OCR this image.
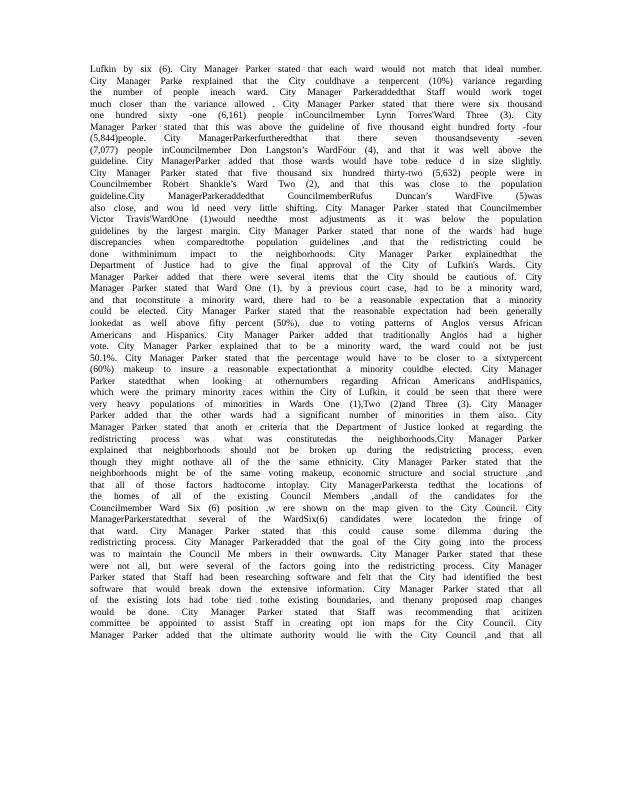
Lufkin by six (6). City Manager Parker stated that each ward would not match that ideal number.
City Manager Parke rexplained that the City couldhave a tenpercent (10%) variance regarding
the number of people ineach ward. City Manager Parkeraddedthat Staff would work toget
much closer than the variance allowed . City Manager Parker stated that there were six thousand
one hundred sixty -one (6,161) people inCouncilmember Lynn Torres'Ward Three (3). City
Manager Parker stated that this was above the guideline of five thousand eight hundred forty -four
(5,844)people. City ManagerParkerfurtheredthat that there seven thousandseventy -seven
(7,077) people inCouncilmember Don Langston’s WardFour (4), and that it was well above the
guideline. City ManagerParker added that those wards would have tobe reduce d in size slightly.
City Manager Parker stated that five thousand six hundred thirty-two (5,632) people were in
Councilmember Robert Shankle’s Ward Two (2), and that this was close to the population
guideline.City ManagerParkeraddedthat CouncilmemberRufus Duncan’s WardFive (5)was
also close, and wou ld need very little shifting. City Manager Parker stated that Councilmember
Victor Travis'WardOne (1)would needthe most adjustments as it was below the population
guidelines by the largest margin. City Manager Parker stated that none of the wards had huge
discrepancies when comparedtothe population guidelines ,and that the redistricting could be
done withminimum impact to the neighborhoods. City Manager Parker explainedthat the
Department of Justice had to give the final approval of the City of Lufkin's Wards. City
Manager Parker added that there were several items that the City should be cautious of. City
Manager Parker stated that Ward One (1), by a previous court case, had to be a minority ward,
and that toconstitute a minority ward, there had to be a reasonable expectation that a minority
could be elected. City Manager Parker stated that the reasonable expectation had been generally
lookedat as well above fifty percent (50%), due to voting patterns of Anglos versus African
Americans and Hispanics. City Manager Parker added that traditionally Anglos had a higher
vote. City Manager Parker explained that to be a minority ward, the ward could not be just
50.1%. City Manager Parker stated that the percentage would have to be closer to a sixtypercent
(60%) makeup to insure a reasonable expectationthat a minority couldbe elected. City Manager
Parker statedthat when looking at othernumbers regarding African Americans andHispanics,
which were the primary minority races within the City of Lufkin, it could be seen that there were
very heavy populations of minorities in Wards One (1),Two (2)and Three (3). City Manager
Parker added that the other wards had a significant number of minorities in them also. City
Manager Parker stated that anoth er criteria that the Department of Justice looked at regarding the
redistricting process was what was constitutedas the neighborhoods.City Manager Parker
explained that neighborhoods should not be broken up during the redistricting process, even
though they might nothave all of the the same ethnicity. City Manager Parker stated that the
neighborhoods might be of the same voting makeup, economic structure and social structure ,and
that all of those factors hadtocome intoplay. City ManagerParkersta tedthat the locations of
the homes of all of the existing Council Members ,andall of the candidates for the
Councilmember Ward Six (6) position ,w ere shown on the map given to the City Council. City
ManagerParkerstatedthat several of the WardSix(6) candidates were locatedon the fringe of
that ward. City Manager Parker stated that this could cause some dilemma during the
redistricting process. City Manager Parkeradded that the goal of the City going into the process
was to maintain the Council Me mbers in their ownwards. City Manager Parker stated that these
were not all, but were several of the factors going into the redistricting process. City Manager
Parker stated that Staff had been researching software and felt that the City had identified the best
software that would break down the extensive information. City Manager Parker stated that all
of the existing lots had tobe tied tothe existing boundaries, and thenany proposed map changes
would be done. City Manager Parker stated that Staff was recommending that acitizen
committee be appointed to assist Staff in creating opt ion maps for the City Council. City
Manager Parker added that the ultimate authority would lie with the City Council ,and that all
